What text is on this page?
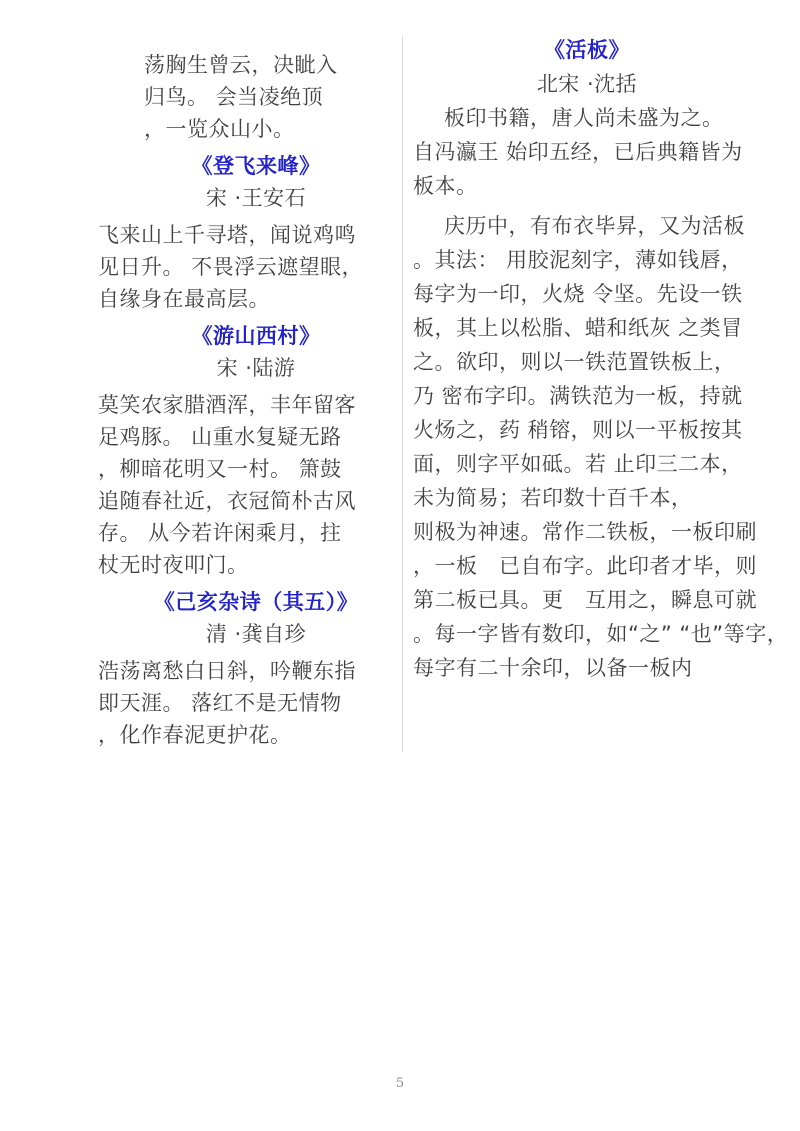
荡胸生曾云，决眦入
归鸟。 会当凌绝顶
，一览众山小。
《登飞来峰》
宋 ·王安石
飞来山上千寻塔，闻说鸡鸣
见日升。 不畏浮云遮望眼，
自缘身在最高层。
《游山西村》
宋 ·陆游
莫笑农家腊酒浑，丰年留客
足鸡豚。 山重水复疑无路
，柳暗花明又一村。 箫鼓
追随春社近，衣冠简朴古风
存。 从今若许闲乘月，拄
杖无时夜叩门。
《己亥杂诗（其五）》
清 ·龚自珍
浩荡离愁白日斜，吟鞭东指
即天涯。 落红不是无情物
，化作春泥更护花。
《活板》
北宋 ·沈括
板印书籍，唐人尚未盛为之。
自冯瀛王 始印五经，已后典籍皆为
板本。
庆历中，有布衣毕昇，又为活板
。其法： 用胶泥刻字，薄如钱唇，
每字为一印，火烧 令坚。先设一铁
板，其上以松脂、蜡和纸灰 之类冒
之。欲印，则以一铁范置铁板上，
乃 密布字印。满铁范为一板，持就
火炀之，药 稍镕，则以一平板按其
面，则字平如砥。若 止印三二本，
未为简易；若印数十百千本，
则极为神速。常作二铁板，一板印刷
，一板　已自布字。此印者才毕，则
第二板已具。更　互用之，瞬息可就
。每一字皆有数印，如“之” “也”等字，
每字有二十余印，以备一板内
5
